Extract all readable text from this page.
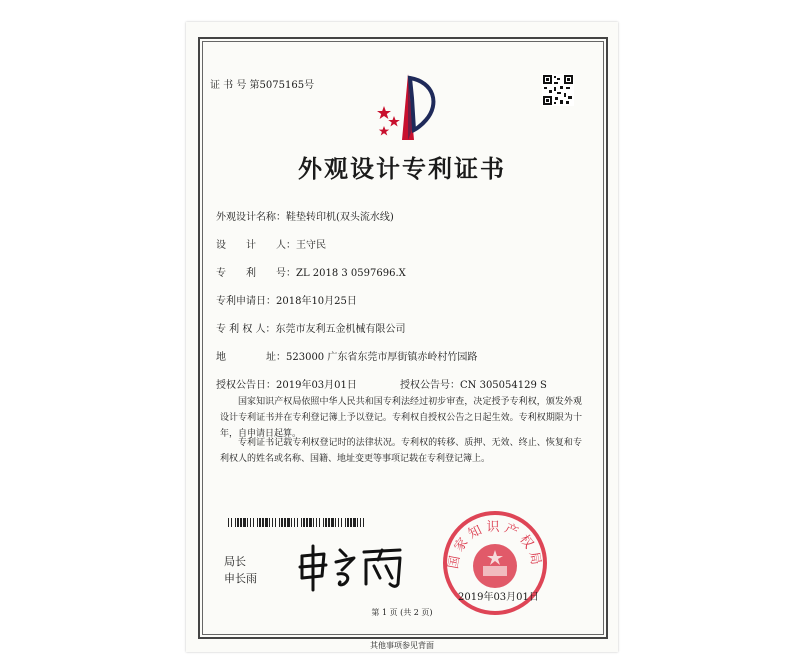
证 书 号 第5075165号
外观设计专利证书
外观设计名称：鞋垫转印机(双头流水线)
设　　计　　人：王守民
专　　利　　号：ZL 2018 3 0597696.X
专利申请日：2018年10月25日
专 利 权 人：东莞市友利五金机械有限公司
地　　　　址：523000 广东省东莞市厚街镇赤岭村竹园路
授权公告日：2019年03月01日	授权公告号：CN 305054129 S
国家知识产权局依照中华人民共和国专利法经过初步审查，决定授予专利权，颁发外观设计专利证书并在专利登记簿上予以登记。专利权自授权公告之日起生效。专利权期限为十年，自申请日起算。
专利证书记载专利权登记时的法律状况。专利权的转移、质押、无效、终止、恢复和专利权人的姓名或名称、国籍、地址变更等事项记载在专利登记簿上。
局长
申长雨
国家知识产权局
2019年03月01日
第 1 页 (共 2 页)
其他事项参见背面
